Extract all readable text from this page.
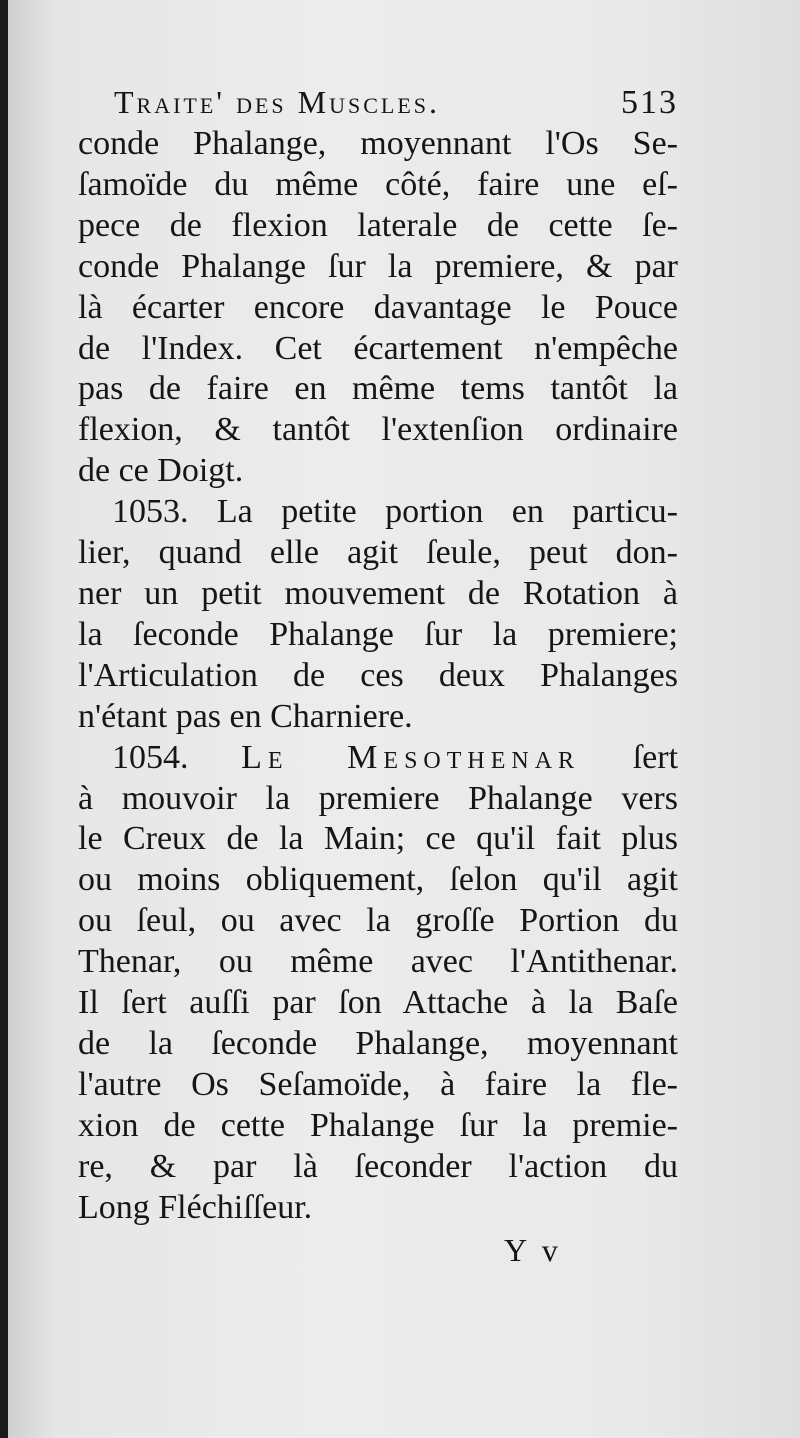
Traite' des Muscles.	513
conde Phalange, moyennant l'Os Se-
ſamoïde du même côté, faire une eſ-
pece de flexion laterale de cette ſe-
conde Phalange ſur la premiere, & par
là écarter encore davantage le Pouce
de l'Index. Cet écartement n'empêche
pas de faire en même tems tantôt la
flexion, & tantôt l'extenſion ordinaire
de ce Doigt.
1053. La petite portion en particu-
lier, quand elle agit ſeule, peut don-
ner un petit mouvement de Rotation à
la ſeconde Phalange ſur la premiere;
l'Articulation de ces deux Phalanges
n'étant pas en Charniere.
1054. Le Mesothenar ſert
à mouvoir la premiere Phalange vers
le Creux de la Main; ce qu'il fait plus
ou moins obliquement, ſelon qu'il agit
ou ſeul, ou avec la groſſe Portion du
Thenar, ou même avec l'Antithenar.
Il ſert auſſi par ſon Attache à la Baſe
de la ſeconde Phalange, moyennant
l'autre Os Seſamoïde, à faire la fle-
xion de cette Phalange ſur la premie-
re, & par là ſeconder l'action du
Long Fléchiſſeur.
Y v
